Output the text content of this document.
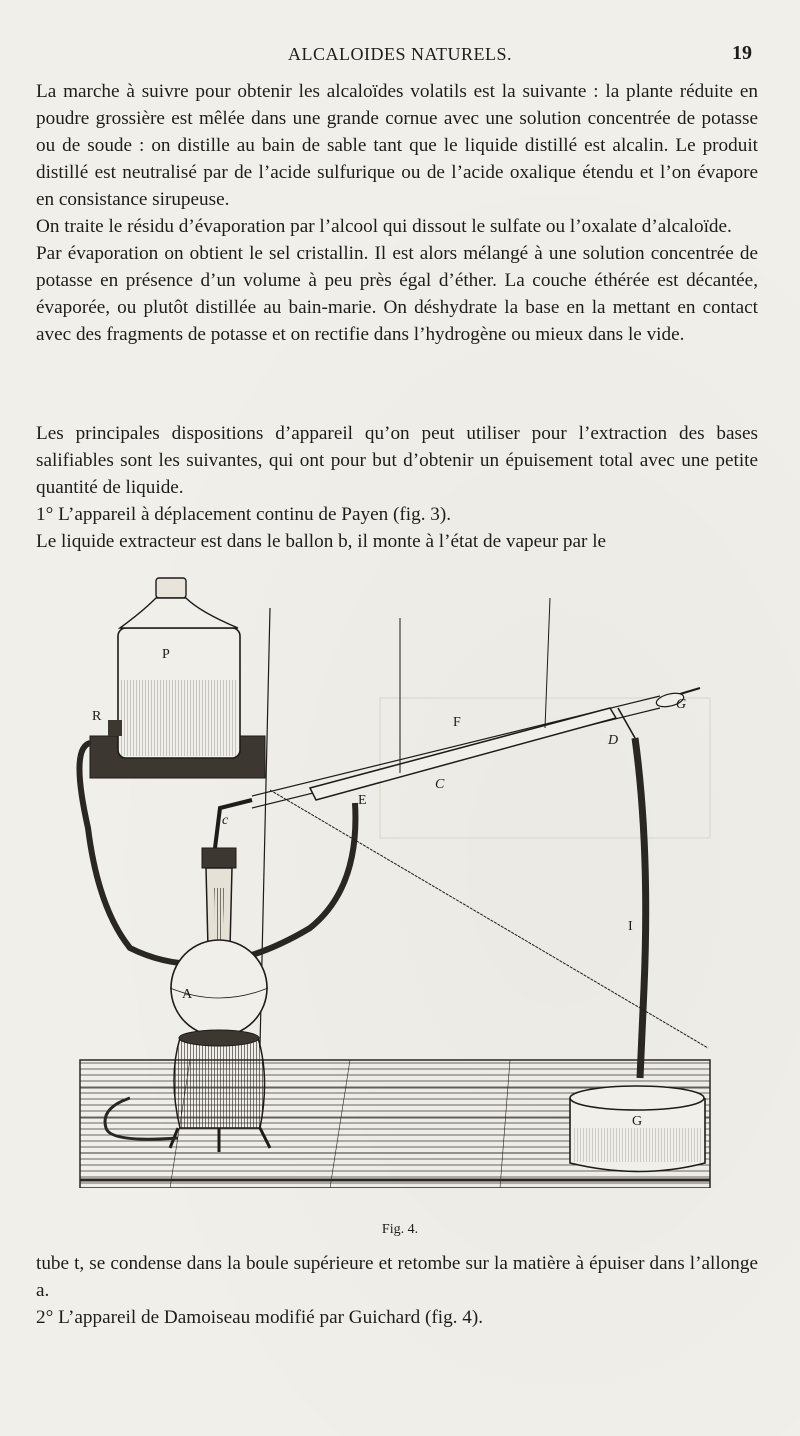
ALCALOIDES NATURELS.	19

La marche à suivre pour obtenir les alcaloïdes volatils est la suivante : la plante réduite en poudre grossière est mêlée dans une grande cornue avec une solution concentrée de potasse ou de soude : on distille au bain de sable tant que le liquide distillé est alcalin. Le produit distillé est neutralisé par de l’acide sulfurique ou de l’acide oxalique étendu et l’on évapore en consistance sirupeuse.

On traite le résidu d’évaporation par l’alcool qui dissout le sulfate ou l’oxalate d’alcaloïde.

Par évaporation on obtient le sel cristallin. Il est alors mélangé à une solution concentrée de potasse en présence d’un volume à peu près égal d’éther. La couche éthérée est décantée, évaporée, ou plutôt distillée au bain-marie. On déshydrate la base en la mettant en contact avec des fragments de potasse et on rectifie dans l’hydrogène ou mieux dans le vide.

Les principales dispositions d’appareil qu’on peut utiliser pour l’extraction des bases salifiables sont les suivantes, qui ont pour but d’obtenir un épuisement total avec une petite quantité de liquide.

1° L’appareil à déplacement continu de Payen (fig. 3).

Le liquide extracteur est dans le ballon b, il monte à l’état de vapeur par le

P
R	F
G
D
C
E
c
I
A
G
Fig. 4.

tube t, se condense dans la boule supérieure et retombe sur la matière à épuiser dans l’allonge a.

2° L’appareil de Damoiseau modifié par Guichard (fig. 4).
